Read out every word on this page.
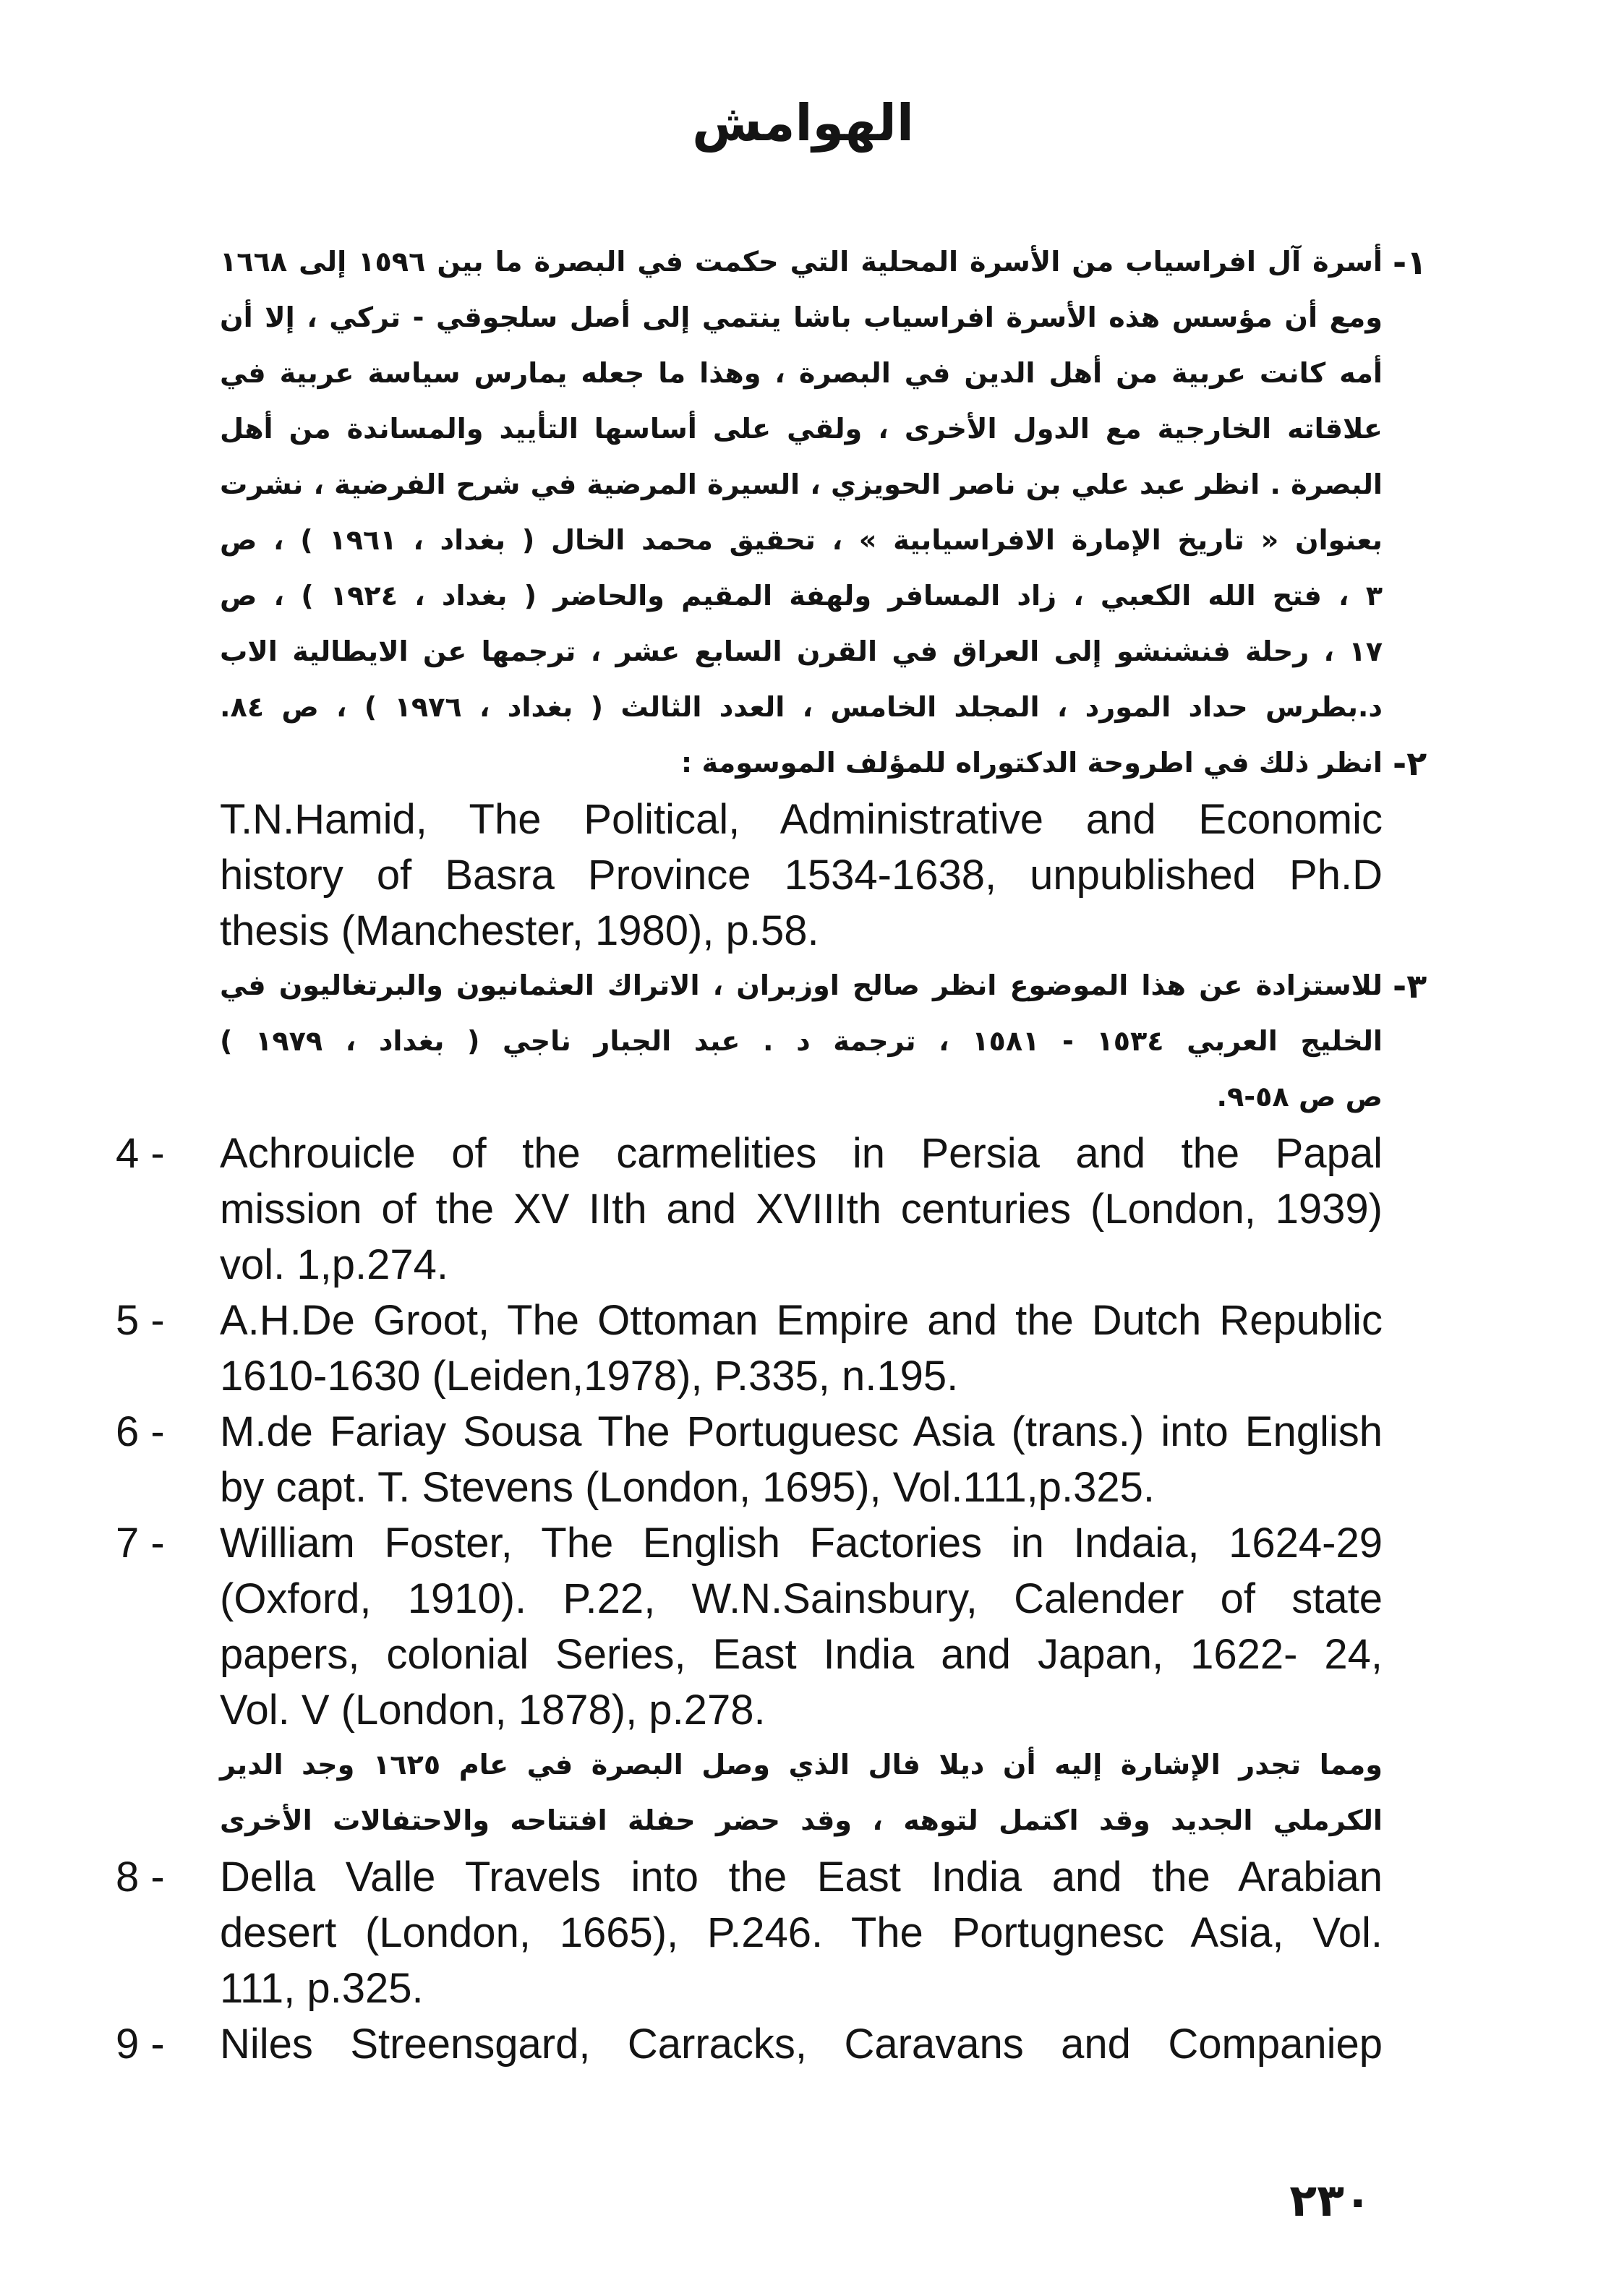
الهوامش
-١
أسرة آل افراسياب من الأسرة المحلية التي حكمت في البصرة ما بين ١٥٩٦ إلى ١٦٦٨
ومع أن مؤسس هذه الأسرة افراسياب باشا ينتمي إلى أصل سلجوقي - تركي ، إلا أن
أمه كانت عربية من أهل الدين في البصرة ، وهذا ما جعله يمارس سياسة عربية في
علاقاته الخارجية مع الدول الأخرى ، ولقي على أساسها التأييد والمساندة من أهل
البصرة . انظر عبد علي بن ناصر الحويزي ، السيرة المرضية في شرح الفرضية ، نشرت
بعنوان « تاريخ الإمارة الافراسيابية » ، تحقيق محمد الخال ( بغداد ، ١٩٦١ ) ، ص
٣ ، فتح الله الكعبي ، زاد المسافر ولهفة المقيم والحاضر ( بغداد ، ١٩٢٤ ) ، ص
١٧ ، رحلة فنشنشو إلى العراق في القرن السابع عشر ، ترجمها عن الايطالية الاب
د.بطرس حداد المورد ، المجلد الخامس ، العدد الثالث ( بغداد ، ١٩٧٦ ) ، ص ٨٤.
-٢
انظر ذلك في اطروحة الدكتوراه للمؤلف الموسومة :
T.N.Hamid, The Political, Administrative and Economic
history of Basra Province 1534-1638, unpublished Ph.D
thesis (Manchester, 1980), p.58.
-٣
للاستزادة عن هذا الموضوع انظر صالح اوزبران ، الاتراك العثمانيون والبرتغاليون في
الخليج العربي ١٥٣٤ - ١٥٨١ ، ترجمة د . عبد الجبار ناجي ( بغداد ، ١٩٧٩ )
ص ص ٥٨-٩.
4 -	Achrouicle of the carmelities in Persia and the Papal
mission of the XV IIth and XVIIIth centuries (London, 1939)
vol. 1,p.274.
5 -	A.H.De Groot, The Ottoman Empire and the Dutch Republic
1610-1630 (Leiden,1978), P.335, n.195.
6 -	M.de Fariay Sousa The Portuguesc Asia (trans.) into English
by capt. T. Stevens (London, 1695), Vol.111,p.325.
7 -	William Foster, The English Factories in Indaia, 1624-29
(Oxford, 1910). P.22, W.N.Sainsbury, Calender of state
papers, colonial Series, East India and Japan, 1622- 24,
Vol. V (London, 1878), p.278.
ومما تجدر الإشارة إليه أن ديلا فال الذي وصل البصرة في عام ١٦٢٥ وجد الدير
الكرملي الجديد وقد اكتمل لتوهه ، وقد حضر حفلة افتتاحه والاحتفالات الأخرى
8 -	Della Valle Travels into the East India and the Arabian
desert (London, 1665), P.246. The Portugnesc Asia, Vol.
111, p.325.
9 -	Niles Streensgard, Carracks, Caravans and Companiep
٢٣٠
